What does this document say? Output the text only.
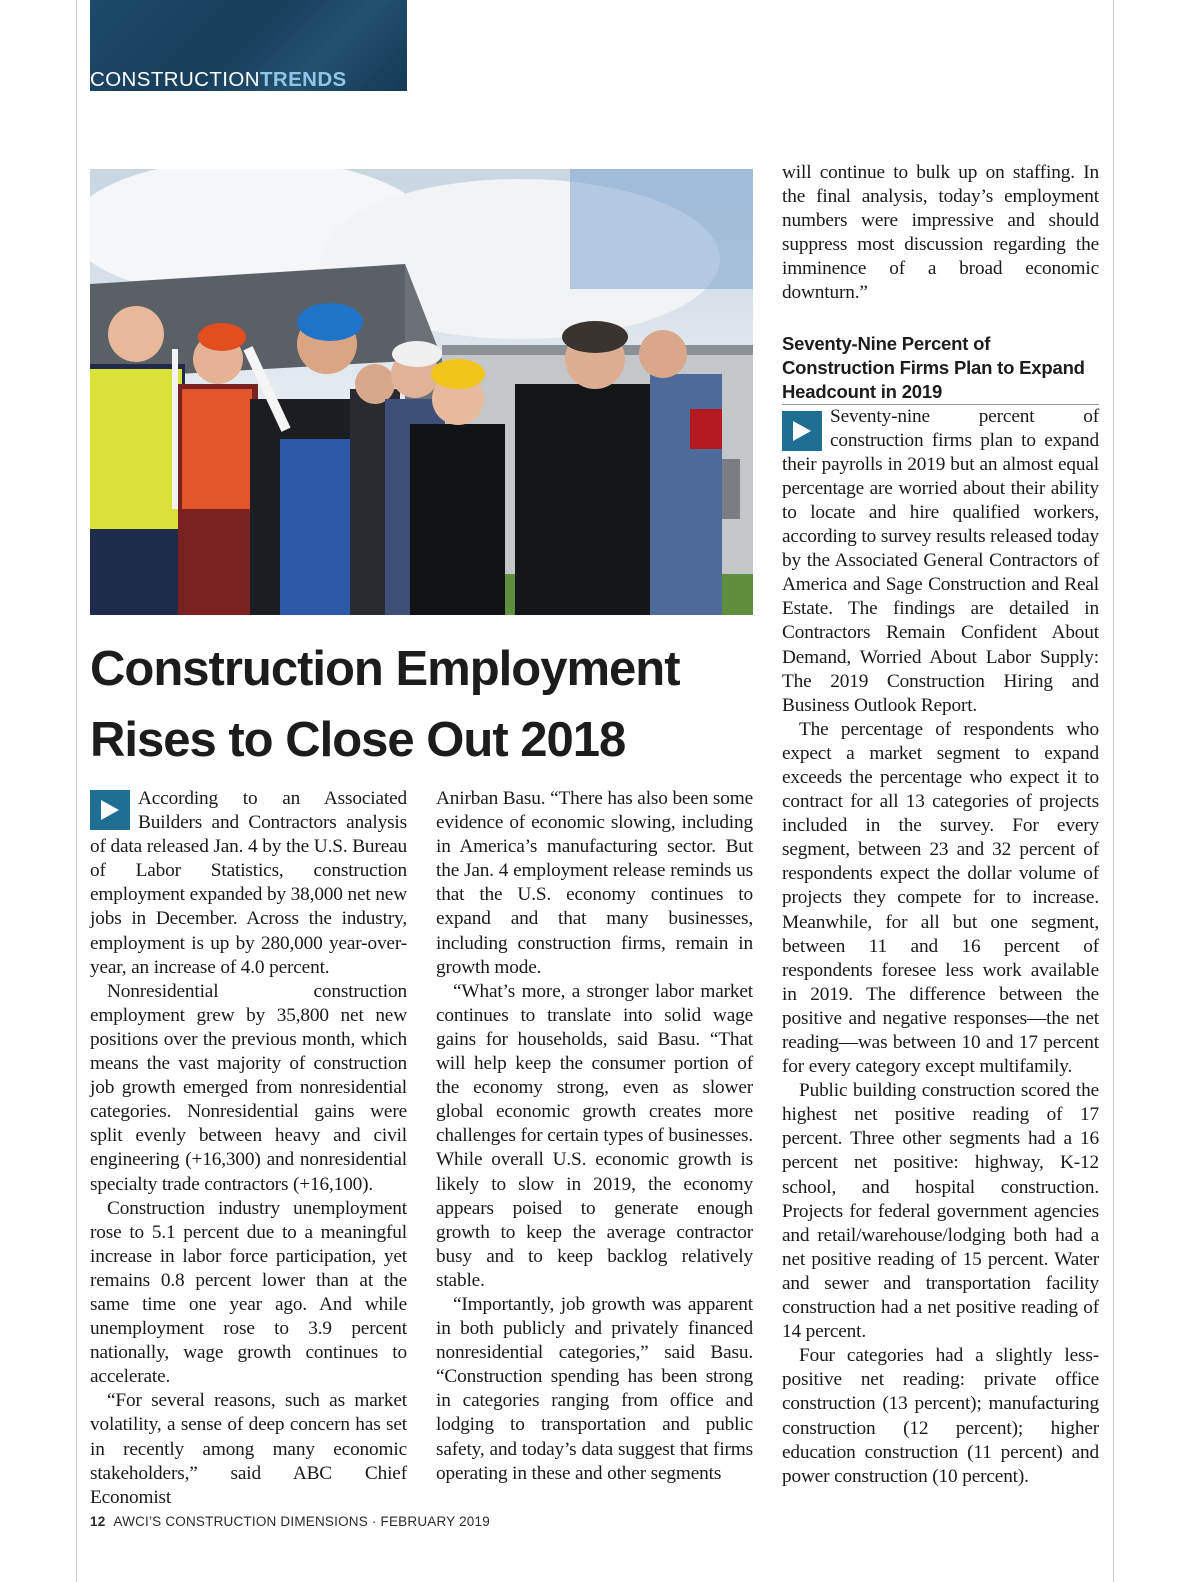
CONSTRUCTIONTRENDS
Construction Employment
Rises to Close Out 2018

According to an Associated Builders and Contractors analysis of data released Jan. 4 by the U.S. Bureau of Labor Statistics, construction employment expanded by 38,000 net new jobs in December. Across the industry, employment is up by 280,000 year-over-year, an increase of 4.0 percent.

Nonresidential construction employment grew by 35,800 net new positions over the previous month, which means the vast majority of construction job growth emerged from nonresidential categories. Nonresidential gains were split evenly between heavy and civil engineering (+16,300) and nonresidential specialty trade contractors (+16,100).

Construction industry unemployment rose to 5.1 percent due to a meaningful increase in labor force participation, yet remains 0.8 percent lower than at the same time one year ago. And while unemployment rose to 3.9 percent nationally, wage growth continues to accelerate.

“For several reasons, such as market volatility, a sense of deep concern has set in recently among many economic stakeholders,” said ABC Chief Economist

Anirban Basu. “There has also been some evidence of economic slowing, including in America’s manufacturing sector. But the Jan. 4 employment release reminds us that the U.S. economy continues to expand and that many businesses, including construction firms, remain in growth mode.

“What’s more, a stronger labor market continues to translate into solid wage gains for households, said Basu. “That will help keep the consumer portion of the economy strong, even as slower global economic growth creates more challenges for certain types of businesses. While overall U.S. economic growth is likely to slow in 2019, the economy appears poised to generate enough growth to keep the average contractor busy and to keep backlog relatively stable.

“Importantly, job growth was apparent in both publicly and privately financed nonresidential categories,” said Basu. “Construction spending has been strong in categories ranging from office and lodging to transportation and public safety, and today’s data suggest that firms operating in these and other segments

will continue to bulk up on staffing. In the final analysis, today’s employment numbers were impressive and should suppress most discussion regarding the imminence of a broad economic downturn.”

Seventy-Nine Percent of Construction Firms Plan to Expand Headcount in 2019

Seventy-nine percent of construction firms plan to expand their payrolls in 2019 but an almost equal percentage are worried about their ability to locate and hire qualified workers, according to survey results released today by the Associated General Contractors of America and Sage Construction and Real Estate. The findings are detailed in Contractors Remain Confident About Demand, Worried About Labor Supply: The 2019 Construction Hiring and Business Outlook Report.

The percentage of respondents who expect a market segment to expand exceeds the percentage who expect it to contract for all 13 categories of projects included in the survey. For every segment, between 23 and 32 percent of respondents expect the dollar volume of projects they compete for to increase. Meanwhile, for all but one segment, between 11 and 16 percent of respondents foresee less work available in 2019. The difference between the positive and negative responses—the net reading—was between 10 and 17 percent for every category except multifamily.

Public building construction scored the highest net positive reading of 17 percent. Three other segments had a 16 percent net positive: highway, K-12 school, and hospital construction. Projects for federal government agencies and retail/warehouse/lodging both had a net positive reading of 15 percent. Water and sewer and transportation facility construction had a net positive reading of 14 percent.

Four categories had a slightly less-positive net reading: private office construction (13 percent); manufacturing construction (12 percent); higher education construction (11 percent) and power construction (10 percent).

12 AWCI’S CONSTRUCTION DIMENSIONS · FEBRUARY 2019
